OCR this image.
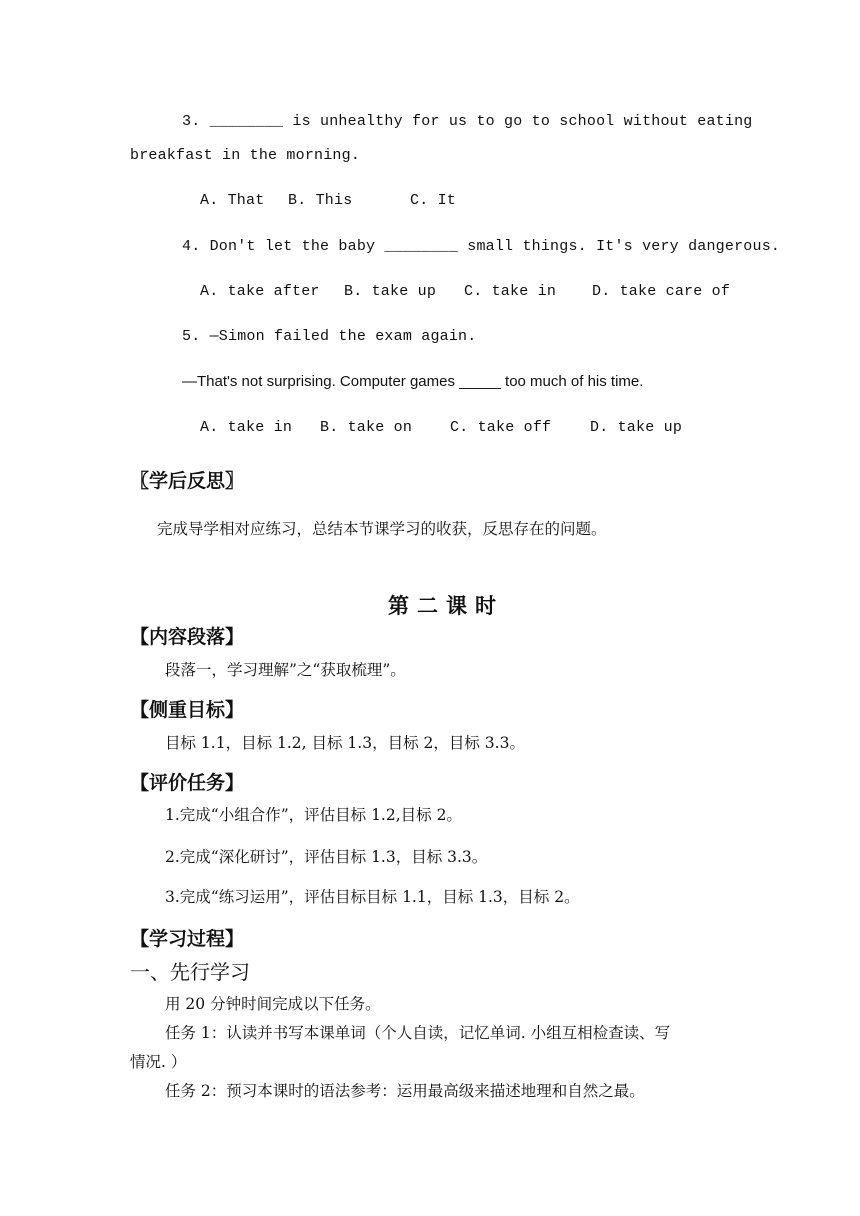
3. ________ is unhealthy for us to go to school without eating
breakfast in the morning.
A. That B. This	C. It
4. Don't let the baby ________ small things. It's very dangerous.
A. take after B. take up C. take in D. take care of
5. —Simon failed the exam again.
—That's not surprising. Computer games _____ too much of his time.
A. take in B. take on	C. take off	D. take up
〖学后反思〗
完成导学相对应练习，总结本节课学习的收获，反思存在的问题。
第二课时
【内容段落】
段落一，学习理解”之“获取梳理”。
【侧重目标】
目标 1.1，目标 1.2, 目标 1.3，目标 2，目标 3.3。
【评价任务】
1.完成“小组合作”，评估目标 1.2,目标 2。
2.完成“深化研讨”，评估目标 1.3，目标 3.3。
3.完成“练习运用”，评估目标目标 1.1，目标 1.3，目标 2。
【学习过程】
一、先行学习
用 20 分钟时间完成以下任务。
任务 1：认读并书写本课单词（个人自读，记忆单词. 小组互相检查读、写
情况. ）
任务 2：预习本课时的语法参考：运用最高级来描述地理和自然之最。
